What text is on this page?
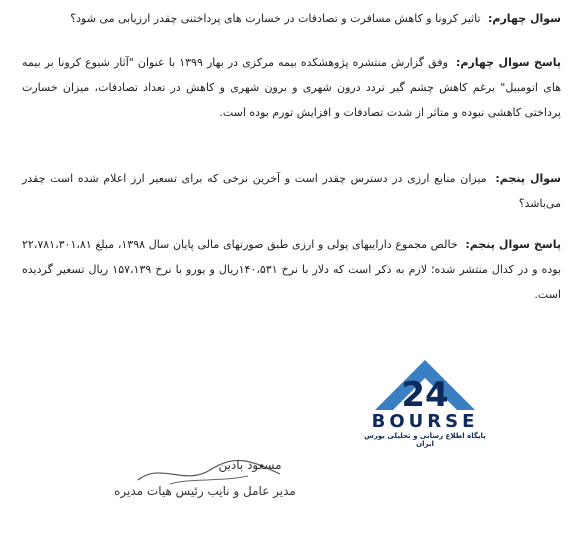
سوال چهارم: تاثیر کرونا و کاهش مسافرت و تصادفات در خسارت های پرداختنی چقدر ارزیابی می شود؟
پاسخ سوال چهارم: وفق گزارش منتشره پژوهشکده بیمه مرکزی در بهار ۱۳۹۹ با عنوان "آثار شیوع کرونا بر بیمه های اتومبیل" برغم کاهش چشم گیر تردد درون شهری و برون شهری و کاهش در تعداد تصادفات، میزان خسارت پرداختی کاهشی نبوده و متاثر از شدت تصادفات و افزایش تورم بوده است.
سوال پنجم: میزان منابع ارزی در دسترس چقدر است و آخرین نرخی که برای تسعیر ارز اعلام شده است چقدر می‌باشد؟
پاسخ سوال پنجم: خالص مجموع داراییهای پولی و ارزی طبق صورتهای مالی پایان سال ۱۳۹۸، مبلغ ۲۲،۷۸۱،۳۰۱،۸۱ بوده و در کدال منتشر شده؛ لازم به ذکر است که دلار با نرخ ۱۴۰،۵۳۱ریال و یورو با نرخ ۱۵۷،۱۳۹ ریال تسعیر گردیده است.
24
BOURSE
پایگاه اطلاع رسانی و تحلیلی بورس ایران
مسعود بادین
مدیر عامل و نایب رئیس هیات مدیره
